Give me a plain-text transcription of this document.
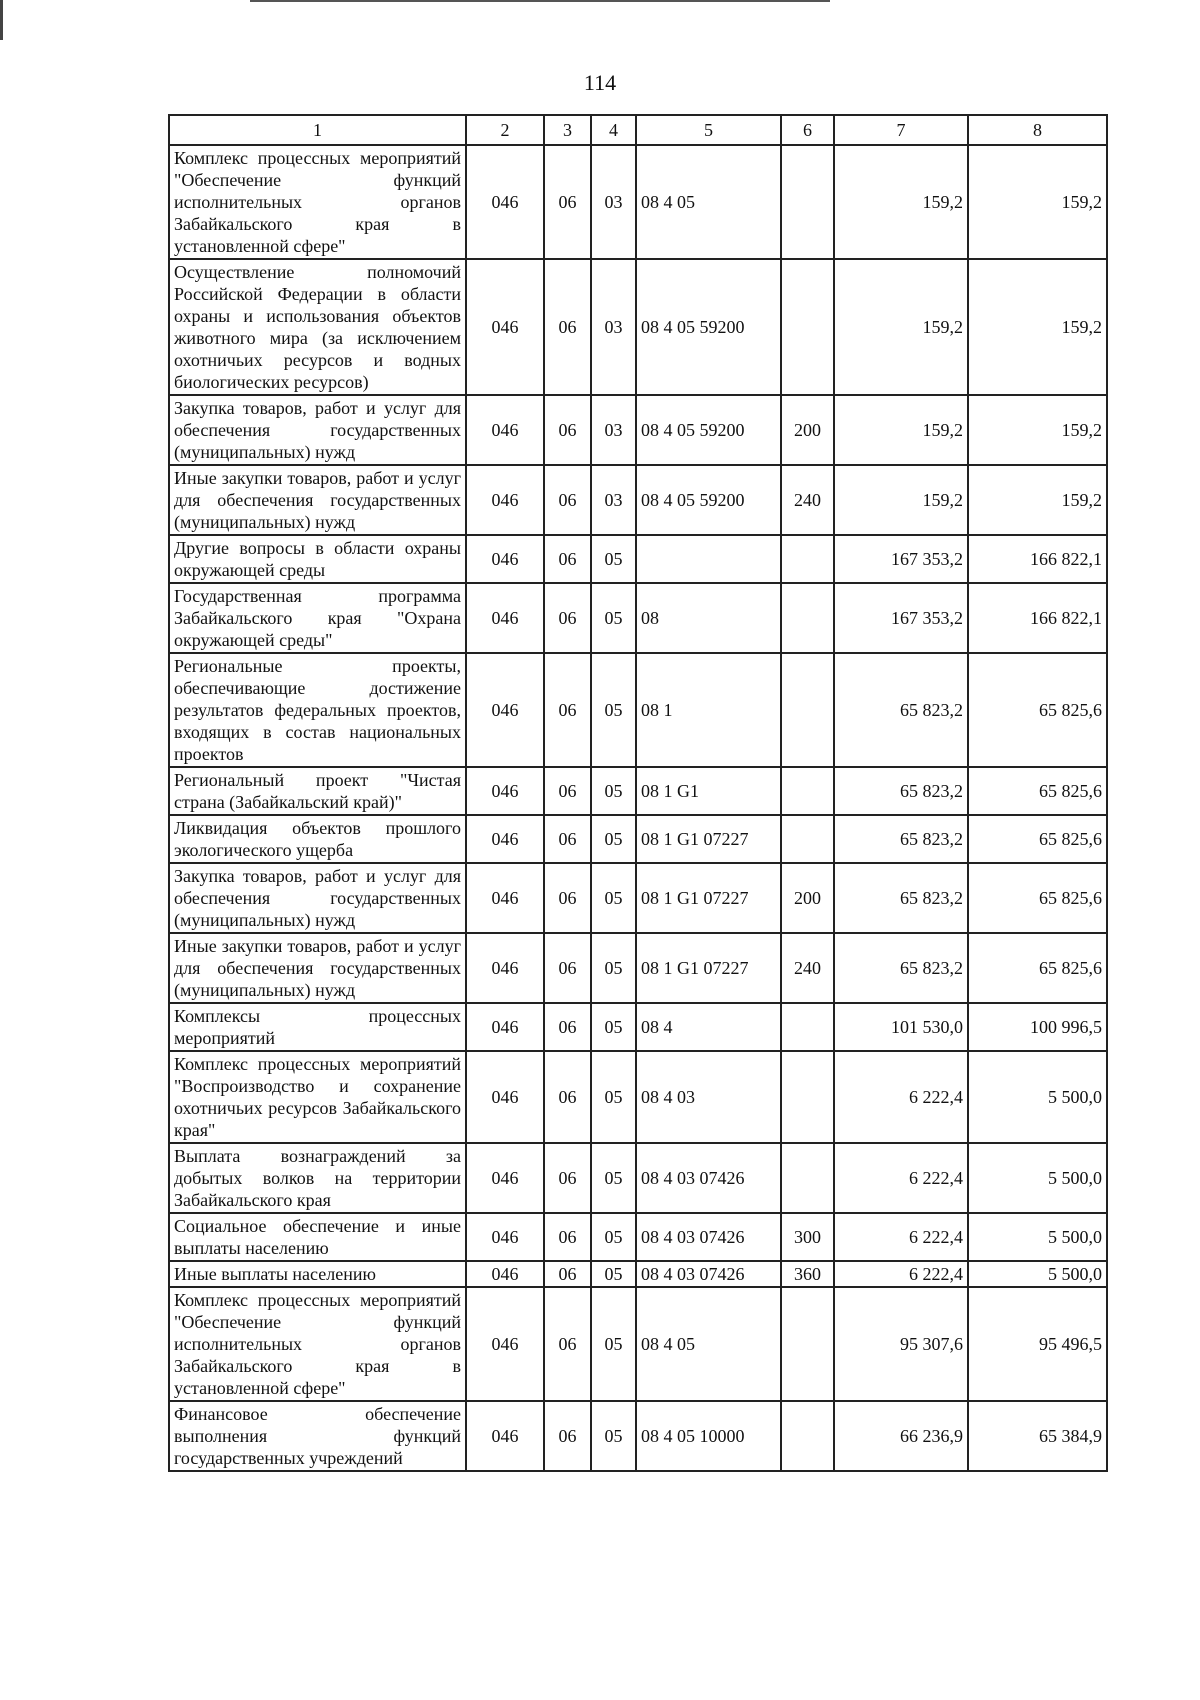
114
1	2	3	4	5	6	7	8
Комплекс процессных мероприятий "Обеспечение функций исполнительных органов Забайкальского края в установленной сфере"	046	06	03	08 4 05		159,2	159,2
Осуществление полномочий Российской Федерации в области охраны и использования объектов животного мира (за исключением охотничьих ресурсов и водных биологических ресурсов)	046	06	03	08 4 05 59200		159,2	159,2
Закупка товаров, работ и услуг для обеспечения государственных (муниципальных) нужд	046	06	03	08 4 05 59200	200	159,2	159,2
Иные закупки товаров, работ и услуг для обеспечения государственных (муниципальных) нужд	046	06	03	08 4 05 59200	240	159,2	159,2
Другие вопросы в области охраны окружающей среды	046	06	05			167 353,2	166 822,1
Государственная программа Забайкальского края "Охрана окружающей среды"	046	06	05	08		167 353,2	166 822,1
Региональные проекты, обеспечивающие достижение результатов федеральных проектов, входящих в состав национальных проектов	046	06	05	08 1		65 823,2	65 825,6
Региональный проект "Чистая страна (Забайкальский край)"	046	06	05	08 1 G1		65 823,2	65 825,6
Ликвидация объектов прошлого экологического ущерба	046	06	05	08 1 G1 07227		65 823,2	65 825,6
Закупка товаров, работ и услуг для обеспечения государственных (муниципальных) нужд	046	06	05	08 1 G1 07227	200	65 823,2	65 825,6
Иные закупки товаров, работ и услуг для обеспечения государственных (муниципальных) нужд	046	06	05	08 1 G1 07227	240	65 823,2	65 825,6
Комплексы процессных мероприятий	046	06	05	08 4		101 530,0	100 996,5
Комплекс процессных мероприятий "Воспроизводство и сохранение охотничьих ресурсов Забайкальского края"	046	06	05	08 4 03		6 222,4	5 500,0
Выплата вознаграждений за добытых волков на территории Забайкальского края	046	06	05	08 4 03 07426		6 222,4	5 500,0
Социальное обеспечение и иные выплаты населению	046	06	05	08 4 03 07426	300	6 222,4	5 500,0
Иные выплаты населению	046	06	05	08 4 03 07426	360	6 222,4	5 500,0
Комплекс процессных мероприятий "Обеспечение функций исполнительных органов Забайкальского края в установленной сфере"	046	06	05	08 4 05		95 307,6	95 496,5
Финансовое обеспечение выполнения функций государственных учреждений	046	06	05	08 4 05 10000		66 236,9	65 384,9
